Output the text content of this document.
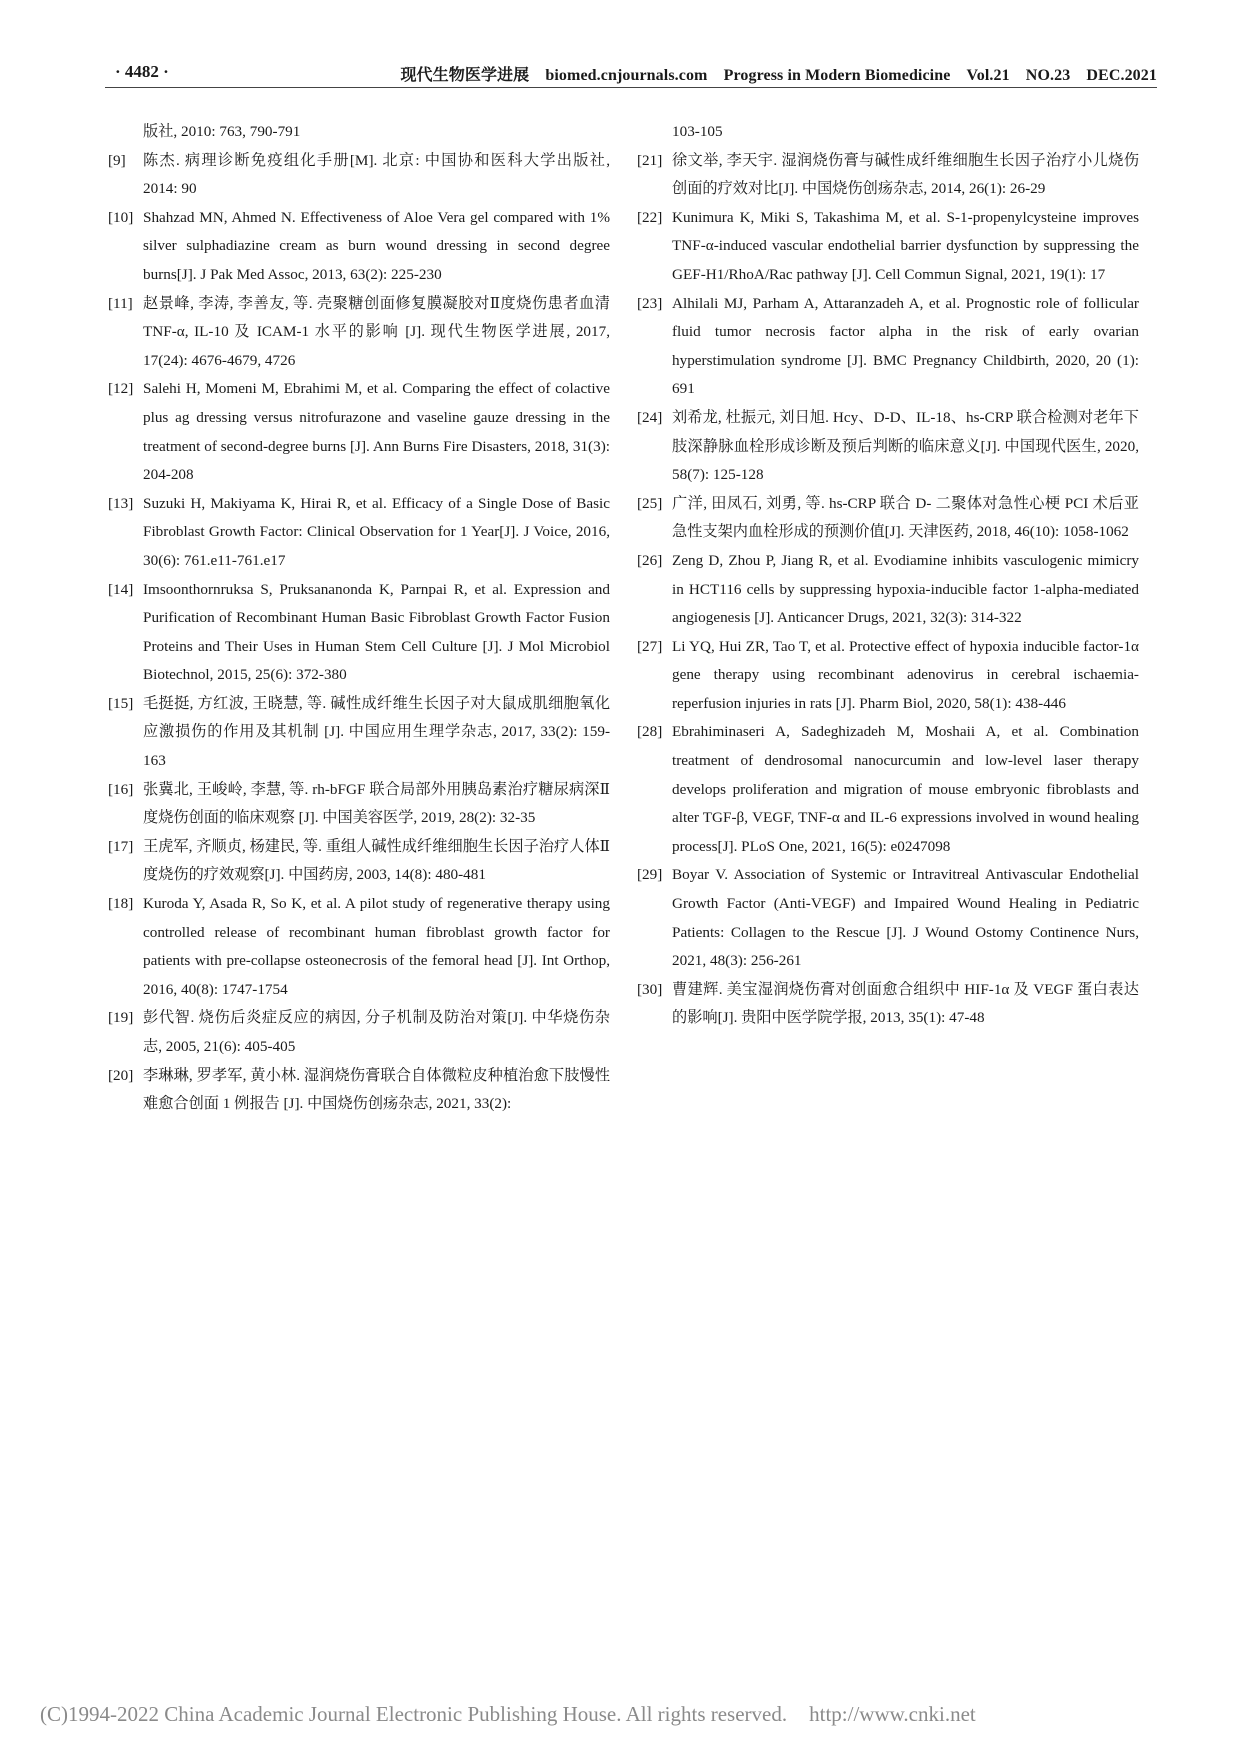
· 4482 ·	现代生物医学进展 biomed.cnjournals.com Progress in Modern Biomedicine Vol.21 NO.23 DEC.2021
版社, 2010: 763, 790-791
[9] 陈杰. 病理诊断免疫组化手册[M]. 北京: 中国协和医科大学出版社, 2014: 90
[10] Shahzad MN, Ahmed N. Effectiveness of Aloe Vera gel compared with 1% silver sulphadiazine cream as burn wound dressing in second degree burns[J]. J Pak Med Assoc, 2013, 63(2): 225-230
[11] 赵景峰, 李涛, 李善友, 等. 壳聚糖创面修复膜凝胶对Ⅱ度烧伤患者血清 TNF-α, IL-10 及 ICAM-1 水平的影响 [J]. 现代生物医学进展, 2017, 17(24): 4676-4679, 4726
[12] Salehi H, Momeni M, Ebrahimi M, et al. Comparing the effect of colactive plus ag dressing versus nitrofurazone and vaseline gauze dressing in the treatment of second-degree burns [J]. Ann Burns Fire Disasters, 2018, 31(3): 204-208
[13] Suzuki H, Makiyama K, Hirai R, et al. Efficacy of a Single Dose of Basic Fibroblast Growth Factor: Clinical Observation for 1 Year[J]. J Voice, 2016, 30(6): 761.e11-761.e17
[14] Imsoonthornruksa S, Pruksananonda K, Parnpai R, et al. Expression and Purification of Recombinant Human Basic Fibroblast Growth Factor Fusion Proteins and Their Uses in Human Stem Cell Culture [J]. J Mol Microbiol Biotechnol, 2015, 25(6): 372-380
[15] 毛挺挺, 方红波, 王晓慧, 等. 碱性成纤维生长因子对大鼠成肌细胞氧化应激损伤的作用及其机制 [J]. 中国应用生理学杂志, 2017, 33(2): 159-163
[16] 张冀北, 王峻岭, 李慧, 等. rh-bFGF 联合局部外用胰岛素治疗糖尿病深Ⅱ度烧伤创面的临床观察 [J]. 中国美容医学, 2019, 28(2): 32-35
[17] 王虎军, 齐顺贞, 杨建民, 等. 重组人碱性成纤维细胞生长因子治疗人体Ⅱ度烧伤的疗效观察[J]. 中国药房, 2003, 14(8): 480-481
[18] Kuroda Y, Asada R, So K, et al. A pilot study of regenerative therapy using controlled release of recombinant human fibroblast growth factor for patients with pre-collapse osteonecrosis of the femoral head [J]. Int Orthop, 2016, 40(8): 1747-1754
[19] 彭代智. 烧伤后炎症反应的病因, 分子机制及防治对策[J]. 中华烧伤杂志, 2005, 21(6): 405-405
[20] 李琳琳, 罗孝军, 黄小林. 湿润烧伤膏联合自体微粒皮种植治愈下肢慢性难愈合创面 1 例报告 [J]. 中国烧伤创疡杂志, 2021, 33(2):
103-105
[21] 徐文举, 李天宇. 湿润烧伤膏与碱性成纤维细胞生长因子治疗小儿烧伤创面的疗效对比[J]. 中国烧伤创疡杂志, 2014, 26(1): 26-29
[22] Kunimura K, Miki S, Takashima M, et al. S-1-propenylcysteine improves TNF-α-induced vascular endothelial barrier dysfunction by suppressing the GEF-H1/RhoA/Rac pathway [J]. Cell Commun Signal, 2021, 19(1): 17
[23] Alhilali MJ, Parham A, Attaranzadeh A, et al. Prognostic role of follicular fluid tumor necrosis factor alpha in the risk of early ovarian hyperstimulation syndrome [J]. BMC Pregnancy Childbirth, 2020, 20 (1): 691
[24] 刘希龙, 杜振元, 刘日旭. Hcy、D-D、IL-18、hs-CRP 联合检测对老年下肢深静脉血栓形成诊断及预后判断的临床意义[J]. 中国现代医生, 2020, 58(7): 125-128
[25] 广洋, 田凤石, 刘勇, 等. hs-CRP 联合 D- 二聚体对急性心梗 PCI 术后亚急性支架内血栓形成的预测价值[J]. 天津医药, 2018, 46(10): 1058-1062
[26] Zeng D, Zhou P, Jiang R, et al. Evodiamine inhibits vasculogenic mimicry in HCT116 cells by suppressing hypoxia-inducible factor 1-alpha-mediated angiogenesis [J]. Anticancer Drugs, 2021, 32(3): 314-322
[27] Li YQ, Hui ZR, Tao T, et al. Protective effect of hypoxia inducible factor-1α gene therapy using recombinant adenovirus in cerebral ischaemia-reperfusion injuries in rats [J]. Pharm Biol, 2020, 58(1): 438-446
[28] Ebrahiminaseri A, Sadeghizadeh M, Moshaii A, et al. Combination treatment of dendrosomal nanocurcumin and low-level laser therapy develops proliferation and migration of mouse embryonic fibroblasts and alter TGF-β, VEGF, TNF-α and IL-6 expressions involved in wound healing process[J]. PLoS One, 2021, 16(5): e0247098
[29] Boyar V. Association of Systemic or Intravitreal Antivascular Endothelial Growth Factor (Anti-VEGF) and Impaired Wound Healing in Pediatric Patients: Collagen to the Rescue [J]. J Wound Ostomy Continence Nurs, 2021, 48(3): 256-261
[30] 曹建辉. 美宝湿润烧伤膏对创面愈合组织中 HIF-1α 及 VEGF 蛋白表达的影响[J]. 贵阳中医学院学报, 2013, 35(1): 47-48
(C)1994-2022 China Academic Journal Electronic Publishing House. All rights reserved. http://www.cnki.net
